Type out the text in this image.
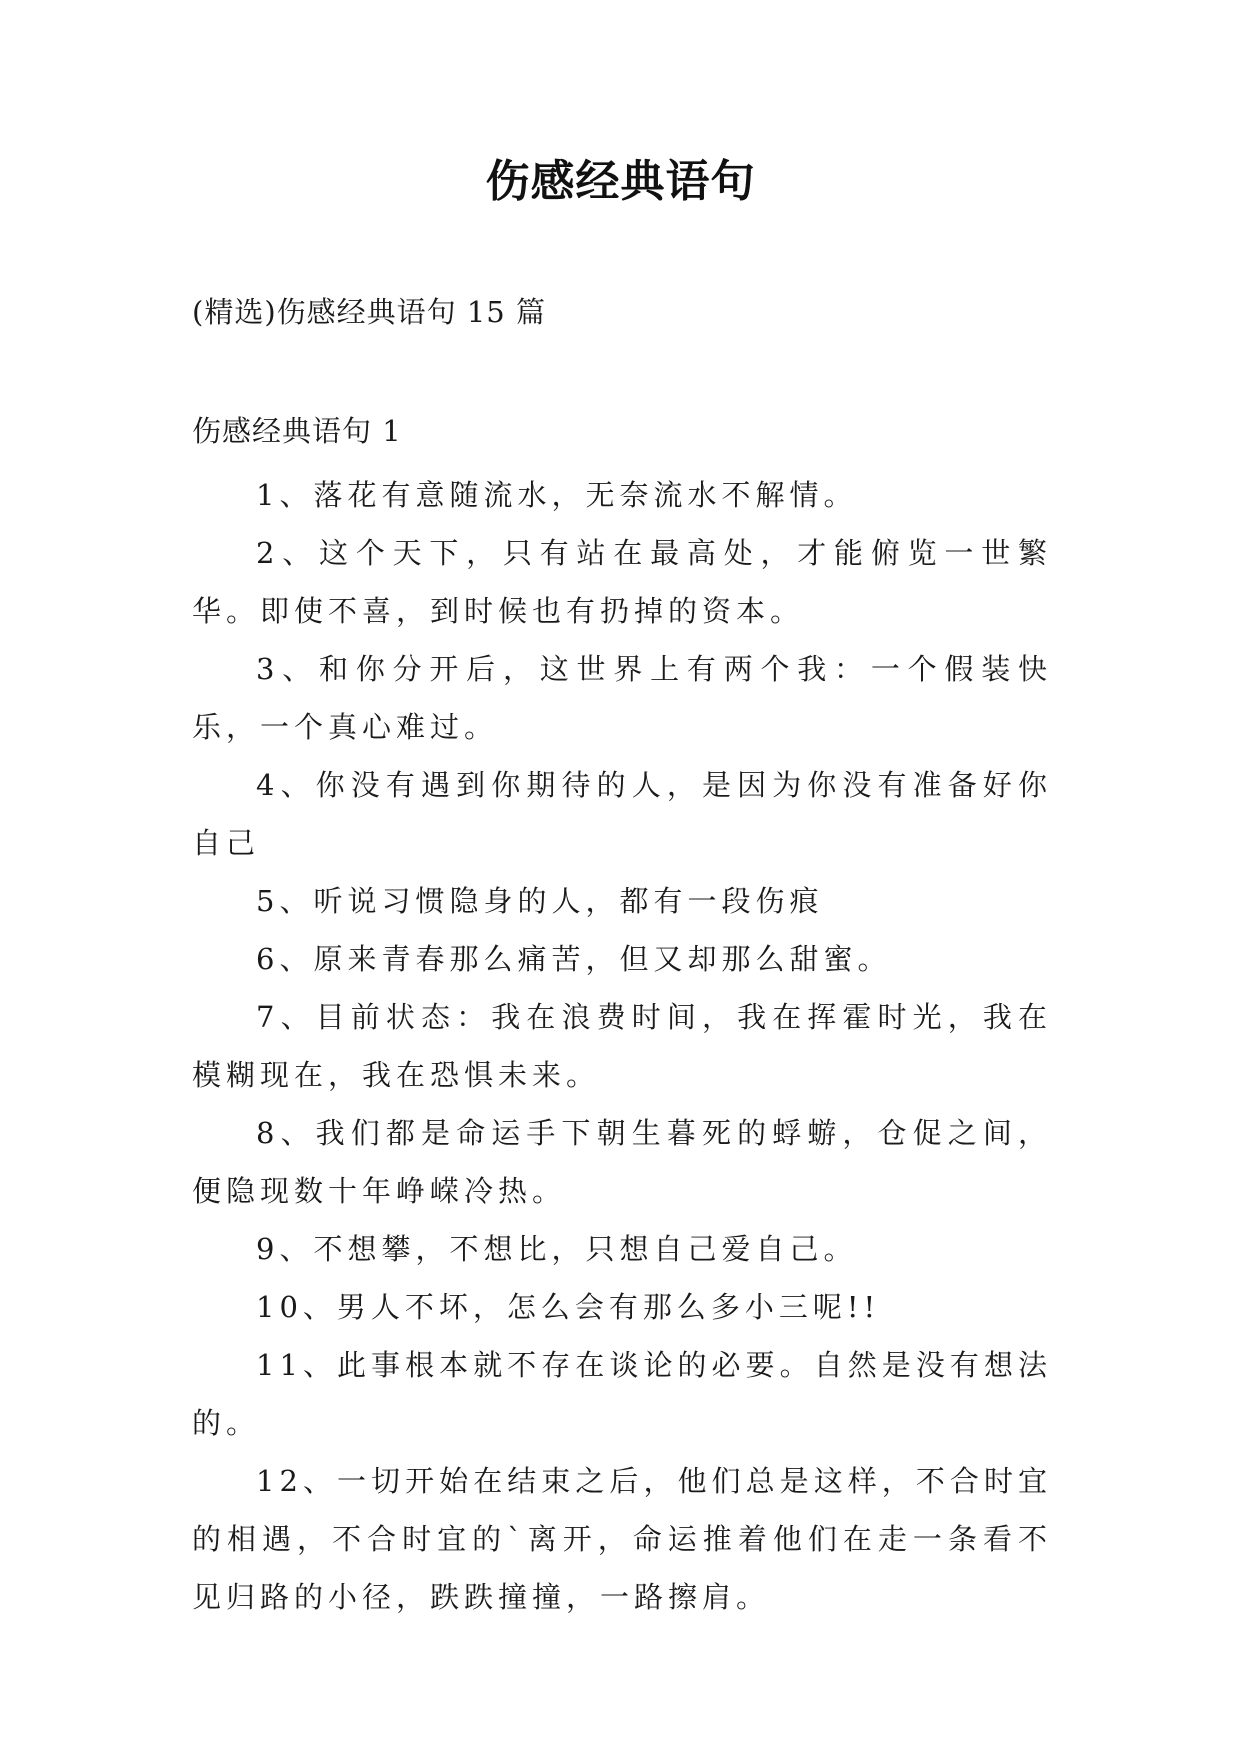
伤感经典语句
(精选)伤感经典语句 15 篇
伤感经典语句 1

1、落花有意随流水，无奈流水不解情。

2、这个天下，只有站在最高处，才能俯览一世繁华。即使不喜，到时候也有扔掉的资本。

3、和你分开后，这世界上有两个我：一个假装快乐，一个真心难过。

4、你没有遇到你期待的人，是因为你没有准备好你自己

5、听说习惯隐身的人，都有一段伤痕

6、原来青春那么痛苦，但又却那么甜蜜。

7、目前状态：我在浪费时间，我在挥霍时光，我在模糊现在，我在恐惧未来。

8、我们都是命运手下朝生暮死的蜉蝣，仓促之间，便隐现数十年峥嵘冷热。

9、不想攀，不想比，只想自己爱自己。

10、男人不坏，怎么会有那么多小三呢!!

11、此事根本就不存在谈论的必要。自然是没有想法的。

12、一切开始在结束之后，他们总是这样，不合时宜的相遇，不合时宜的`离开，命运推着他们在走一条看不见归路的小径，跌跌撞撞，一路擦肩。
